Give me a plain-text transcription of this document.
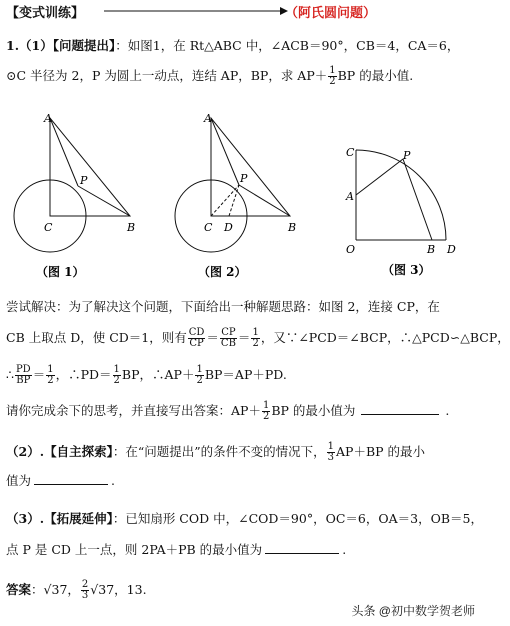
【变式训练】	（阿氏圆问题）
1.（1）【问题提出】：如图1，在 Rt△ABC 中，∠ACB＝90°，CB＝4，CA＝6，
⊙C 半径为 2，P 为圆上一动点，连结 AP，BP，求 $AP+ \frac{1}{2}$ BP 的最小值.
A
P
C	B
（图 1）
A
P
C D	B
（图 2）
C	P
A
O	B D
（图 3）
尝试解决：为了解决这个问题，下面给出一种解题思路：如图 2，连接 CP，在
CB 上取点 D，使 CD＝1，则有 $\frac{CD}{CP} = \frac{CP}{CB} = \frac{1}{2}$ ，又∵∠PCD＝∠BCP，∴△PCD∽△BCP，
∴ $\frac{PD}{BP} = \frac{1}{2}$ ，∴PD＝ $\frac{1}{2}$ BP，∴AP＋ $\frac{1}{2} BP=AP+PD$.
请你完成余下的思考，并直接写出答案：$AP+ \frac{1}{2}$ BP 的最小值为	.
（2）.【自主探索】：在“问题提出”的条件不变的情况下， $\frac{1}{3} AP+BP$ 的最小
值为	.
（3）.【拓展延伸】：已知扇形 COD 中，∠COD＝90°，OC＝6，OA＝3，OB＝5，
点 P 是 CD 上一点，则 2PA＋PB 的最小值为	.
答案：√37， $\frac{2}{3} √37$，13.
头条 @初中数学贺老师
